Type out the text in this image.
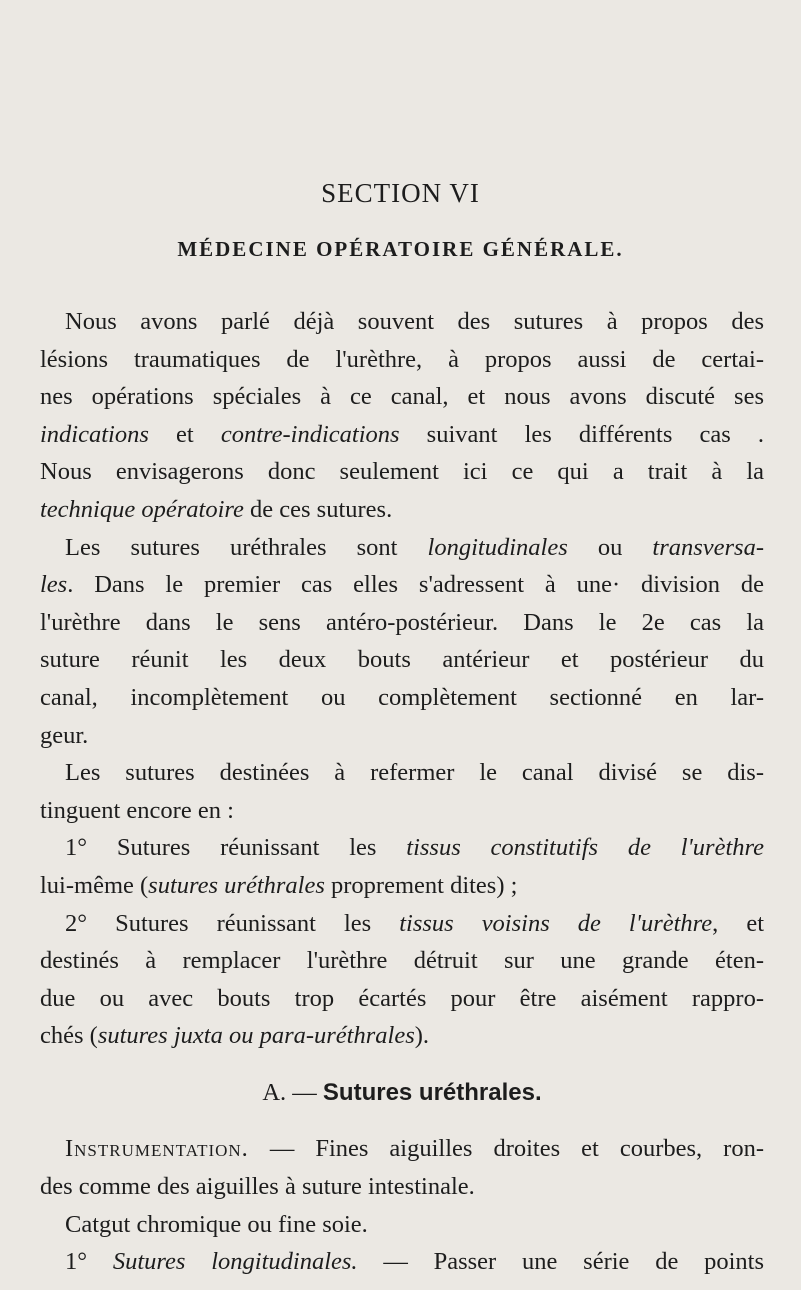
SECTION VI
MÉDECINE OPÉRATOIRE GÉNÉRALE.
Nous avons parlé déjà souvent des sutures à propos des
lésions traumatiques de l'urèthre, à propos aussi de certai-
nes opérations spéciales à ce canal, et nous avons discuté ses
indications et contre-indications suivant les différents cas .
Nous envisagerons donc seulement ici ce qui a trait à la
technique opératoire de ces sutures.
Les sutures uréthrales sont longitudinales ou transversa-
les. Dans le premier cas elles s'adressent à une· division de
l'urèthre dans le sens antéro-postérieur. Dans le 2e cas la
suture réunit les deux bouts antérieur et postérieur du
canal, incomplètement ou complètement sectionné en lar-
geur.
Les sutures destinées à refermer le canal divisé se dis-
tinguent encore en :
1° Sutures réunissant les tissus constitutifs de l'urèthre
lui-même (sutures uréthrales proprement dites) ;
2° Sutures réunissant les tissus voisins de l'urèthre, et
destinés à remplacer l'urèthre détruit sur une grande éten-
due ou avec bouts trop écartés pour être aisément rappro-
chés (sutures juxta ou para-uréthrales).
A. — Sutures uréthrales.
Instrumentation. — Fines aiguilles droites et courbes, ron-
des comme des aiguilles à suture intestinale.
Catgut chromique ou fine soie.
1° Sutures longitudinales. — Passer une série de points
